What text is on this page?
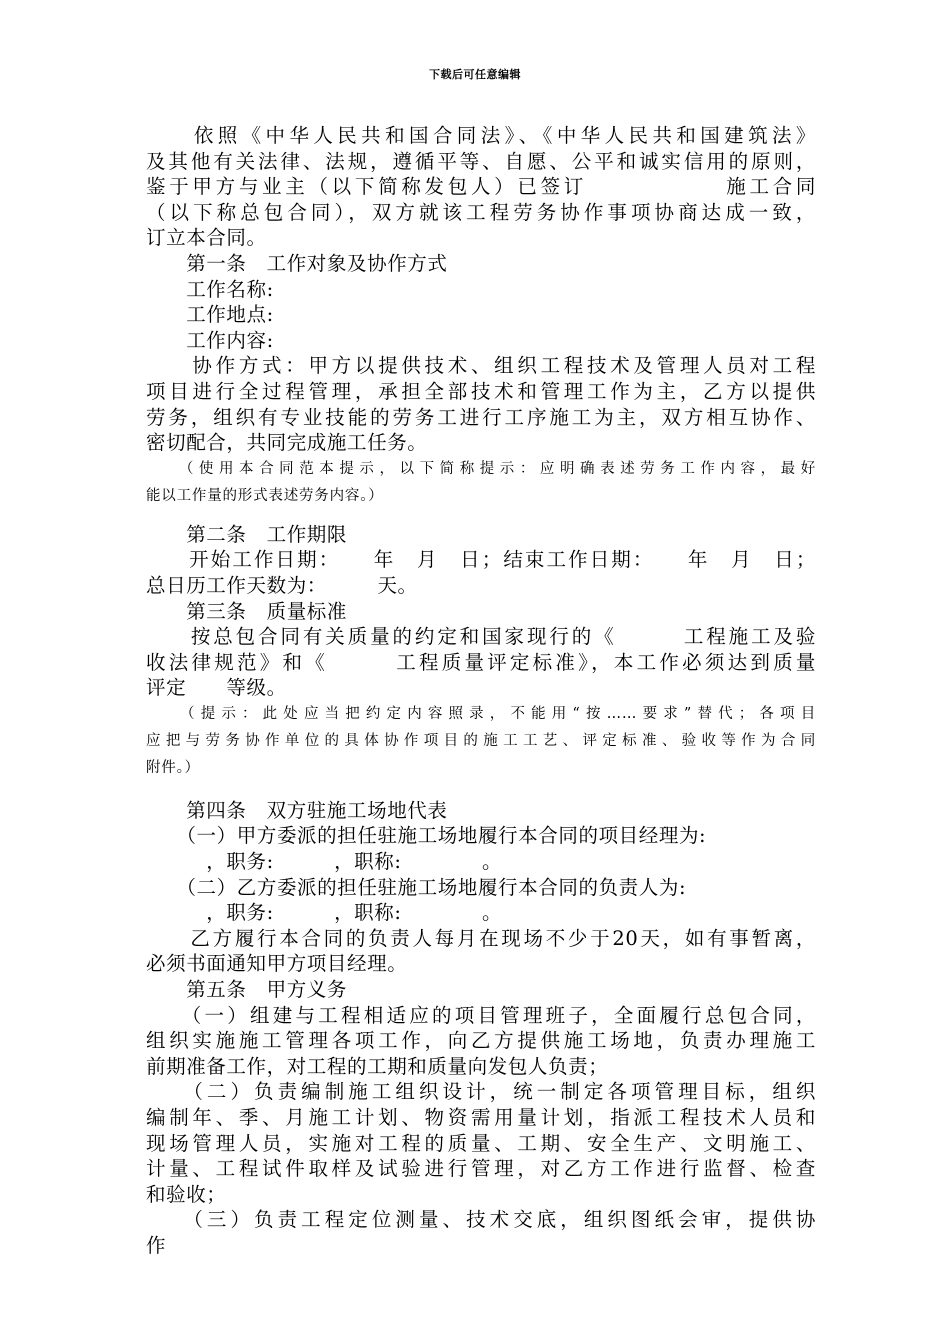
下载后可任意编辑
　　依照《中华人民共和国合同法》、《中华人民共和国建筑法》
及其他有关法律、法规，遵循平等、自愿、公平和诚实信用的原则，
鉴于甲方与业主（以下简称发包人）已签订　　　　　　施工合同
（以下称总包合同），双方就该工程劳务协作事项协商达成一致，
订立本合同。
　　第一条　工作对象及协作方式
　　工作名称:
　　工作地点:
　　工作内容:
　　协作方式：甲方以提供技术、组织工程技术及管理人员对工程
项目进行全过程管理，承担全部技术和管理工作为主，乙方以提供
劳务，组织有专业技能的劳务工进行工序施工为主，双方相互协作、
密切配合，共同完成施工任务。
　　（使用本合同范本提示，以下简称提示：应明确表述劳务工作内容，最好
能以工作量的形式表述劳务内容。）
　　第二条　工作期限
　　开始工作日期：　　年　月　日；结束工作日期：　　年　月　日；
总日历工作天数为：　　　天。
　　第三条　质量标准
　　按总包合同有关质量的约定和国家现行的《　　　工程施工及验
收法律规范》和《　　　工程质量评定标准》，本工作必须达到质量
评定　　等级。
　　（提示：此处应当把约定内容照录，不能用“按……要求”替代；各项目
应把与劳务协作单位的具体协作项目的施工工艺、评定标准、验收等作为合同
附件。）
　　第四条　双方驻施工场地代表
　　（一）甲方委派的担任驻施工场地履行本合同的项目经理为:
　　　，职务:　　　，职称:　　　　。
　　（二）乙方委派的担任驻施工场地履行本合同的负责人为:
　　　，职务:　　　，职称:　　　　。
　　乙方履行本合同的负责人每月在现场不少于20天，如有事暂离，
必须书面通知甲方项目经理。
　　第五条　甲方义务
　　（一）组建与工程相适应的项目管理班子，全面履行总包合同，
组织实施施工管理各项工作，向乙方提供施工场地，负责办理施工
前期准备工作，对工程的工期和质量向发包人负责；
　　（二）负责编制施工组织设计，统一制定各项管理目标，组织
编制年、季、月施工计划、物资需用量计划，指派工程技术人员和
现场管理人员，实施对工程的质量、工期、安全生产、文明施工、
计量、工程试件取样及试验进行管理，对乙方工作进行监督、检查
和验收；
　　（三）负责工程定位测量、技术交底，组织图纸会审，提供协
作
